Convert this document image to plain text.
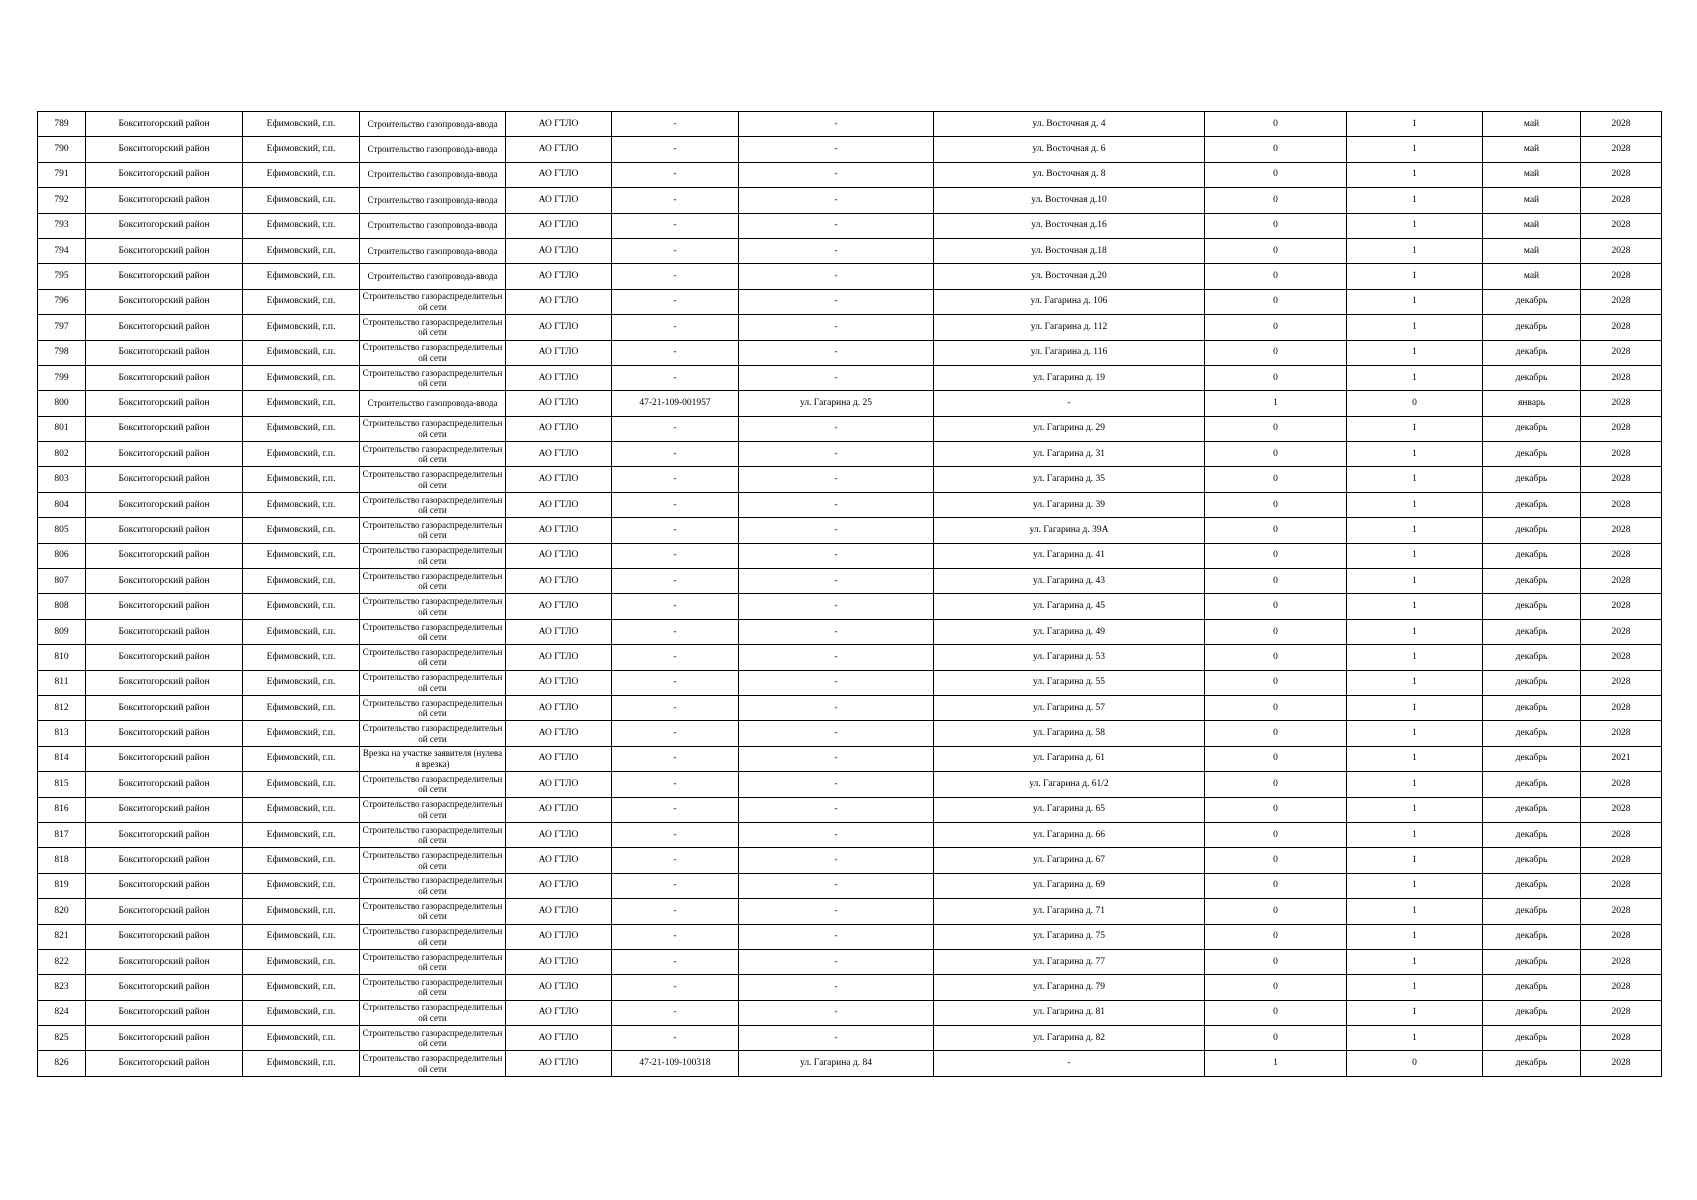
789	Бокситогорский район	Ефимовский, г.п.	Строительство газопровода-ввода	АО ГТЛО	-	-	ул. Восточная д. 4	0	1	май	2028
790	Бокситогорский район	Ефимовский, г.п.	Строительство газопровода-ввода	АО ГТЛО	-	-	ул. Восточная д. 6	0	1	май	2028
791	Бокситогорский район	Ефимовский, г.п.	Строительство газопровода-ввода	АО ГТЛО	-	-	ул. Восточная д. 8	0	1	май	2028
792	Бокситогорский район	Ефимовский, г.п.	Строительство газопровода-ввода	АО ГТЛО	-	-	ул. Восточная д.10	0	1	май	2028
793	Бокситогорский район	Ефимовский, г.п.	Строительство газопровода-ввода	АО ГТЛО	-	-	ул. Восточная д.16	0	1	май	2028
794	Бокситогорский район	Ефимовский, г.п.	Строительство газопровода-ввода	АО ГТЛО	-	-	ул. Восточная д.18	0	1	май	2028
795	Бокситогорский район	Ефимовский, г.п.	Строительство газопровода-ввода	АО ГТЛО	-	-	ул. Восточная д.20	0	1	май	2028
796	Бокситогорский район	Ефимовский, г.п.	Строительство газораспределительной сети	АО ГТЛО	-	-	ул. Гагарина д. 106	0	1	декабрь	2028
797	Бокситогорский район	Ефимовский, г.п.	Строительство газораспределительной сети	АО ГТЛО	-	-	ул. Гагарина д. 112	0	1	декабрь	2028
798	Бокситогорский район	Ефимовский, г.п.	Строительство газораспределительной сети	АО ГТЛО	-	-	ул. Гагарина д. 116	0	1	декабрь	2028
799	Бокситогорский район	Ефимовский, г.п.	Строительство газораспределительной сети	АО ГТЛО	-	-	ул. Гагарина д. 19	0	1	декабрь	2028
800	Бокситогорский район	Ефимовский, г.п.	Строительство газопровода-ввода	АО ГТЛО	47-21-109-001957	ул. Гагарина д. 25	-	1	0	январь	2028
801	Бокситогорский район	Ефимовский, г.п.	Строительство газораспределительной сети	АО ГТЛО	-	-	ул. Гагарина д. 29	0	1	декабрь	2028
802	Бокситогорский район	Ефимовский, г.п.	Строительство газораспределительной сети	АО ГТЛО	-	-	ул. Гагарина д. 31	0	1	декабрь	2028
803	Бокситогорский район	Ефимовский, г.п.	Строительство газораспределительной сети	АО ГТЛО	-	-	ул. Гагарина д. 35	0	1	декабрь	2028
804	Бокситогорский район	Ефимовский, г.п.	Строительство газораспределительной сети	АО ГТЛО	-	-	ул. Гагарина д. 39	0	1	декабрь	2028
805	Бокситогорский район	Ефимовский, г.п.	Строительство газораспределительной сети	АО ГТЛО	-	-	ул. Гагарина д. 39А	0	1	декабрь	2028
806	Бокситогорский район	Ефимовский, г.п.	Строительство газораспределительной сети	АО ГТЛО	-	-	ул. Гагарина д. 41	0	1	декабрь	2028
807	Бокситогорский район	Ефимовский, г.п.	Строительство газораспределительной сети	АО ГТЛО	-	-	ул. Гагарина д. 43	0	1	декабрь	2028
808	Бокситогорский район	Ефимовский, г.п.	Строительство газораспределительной сети	АО ГТЛО	-	-	ул. Гагарина д. 45	0	1	декабрь	2028
809	Бокситогорский район	Ефимовский, г.п.	Строительство газораспределительной сети	АО ГТЛО	-	-	ул. Гагарина д. 49	0	1	декабрь	2028
810	Бокситогорский район	Ефимовский, г.п.	Строительство газораспределительной сети	АО ГТЛО	-	-	ул. Гагарина д. 53	0	1	декабрь	2028
811	Бокситогорский район	Ефимовский, г.п.	Строительство газораспределительной сети	АО ГТЛО	-	-	ул. Гагарина д. 55	0	1	декабрь	2028
812	Бокситогорский район	Ефимовский, г.п.	Строительство газораспределительной сети	АО ГТЛО	-	-	ул. Гагарина д. 57	0	1	декабрь	2028
813	Бокситогорский район	Ефимовский, г.п.	Строительство газораспределительной сети	АО ГТЛО	-	-	ул. Гагарина д. 58	0	1	декабрь	2028
814	Бокситогорский район	Ефимовский, г.п.	Врезка на участке заявителя (нулевая врезка)	АО ГТЛО	-	-	ул. Гагарина д. 61	0	1	декабрь	2021
815	Бокситогорский район	Ефимовский, г.п.	Строительство газораспределительной сети	АО ГТЛО	-	-	ул. Гагарина д. 61/2	0	1	декабрь	2028
816	Бокситогорский район	Ефимовский, г.п.	Строительство газораспределительной сети	АО ГТЛО	-	-	ул. Гагарина д. 65	0	1	декабрь	2028
817	Бокситогорский район	Ефимовский, г.п.	Строительство газораспределительной сети	АО ГТЛО	-	-	ул. Гагарина д. 66	0	1	декабрь	2028
818	Бокситогорский район	Ефимовский, г.п.	Строительство газораспределительной сети	АО ГТЛО	-	-	ул. Гагарина д. 67	0	1	декабрь	2028
819	Бокситогорский район	Ефимовский, г.п.	Строительство газораспределительной сети	АО ГТЛО	-	-	ул. Гагарина д. 69	0	1	декабрь	2028
820	Бокситогорский район	Ефимовский, г.п.	Строительство газораспределительной сети	АО ГТЛО	-	-	ул. Гагарина д. 71	0	1	декабрь	2028
821	Бокситогорский район	Ефимовский, г.п.	Строительство газораспределительной сети	АО ГТЛО	-	-	ул. Гагарина д. 75	0	1	декабрь	2028
822	Бокситогорский район	Ефимовский, г.п.	Строительство газораспределительной сети	АО ГТЛО	-	-	ул. Гагарина д. 77	0	1	декабрь	2028
823	Бокситогорский район	Ефимовский, г.п.	Строительство газораспределительной сети	АО ГТЛО	-	-	ул. Гагарина д. 79	0	1	декабрь	2028
824	Бокситогорский район	Ефимовский, г.п.	Строительство газораспределительной сети	АО ГТЛО	-	-	ул. Гагарина д. 81	0	1	декабрь	2028
825	Бокситогорский район	Ефимовский, г.п.	Строительство газораспределительной сети	АО ГТЛО	-	-	ул. Гагарина д. 82	0	1	декабрь	2028
826	Бокситогорский район	Ефимовский, г.п.	Строительство газораспределительной сети	АО ГТЛО	47-21-109-100318	ул. Гагарина д. 84	-	1	0	декабрь	2028
